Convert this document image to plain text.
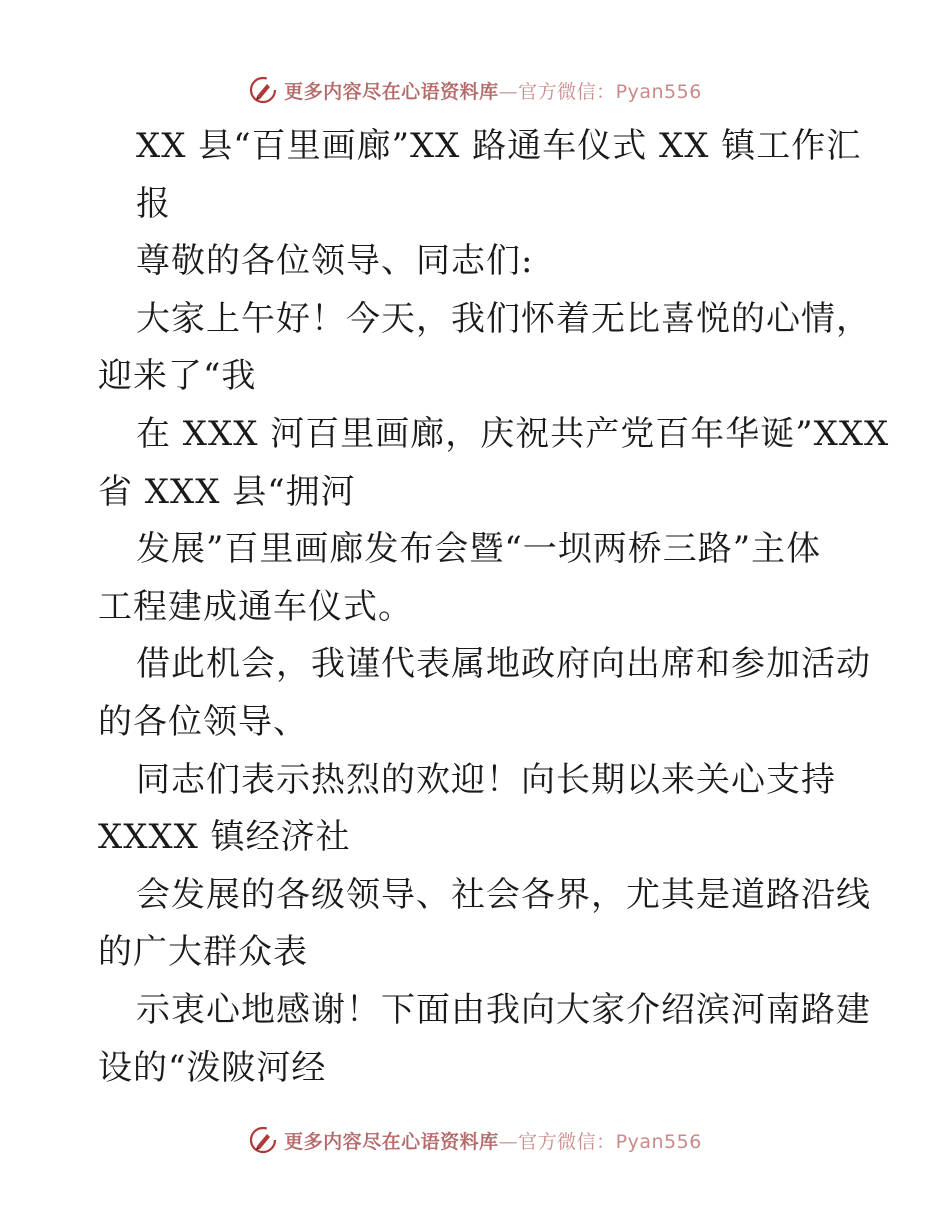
更多内容尽在心语资料库—官方微信：Pyan556
XX 县“百里画廊”XX 路通车仪式 XX 镇工作汇
报
尊敬的各位领导、同志们:
大家上午好！今天，我们怀着无比喜悦的心情，
迎来了“我
在 XXX 河百里画廊，庆祝共产党百年华诞”XXX
省 XXX 县“拥河
发展”百里画廊发布会暨“一坝两桥三路”主体
工程建成通车仪式。
借此机会，我谨代表属地政府向出席和参加活动
的各位领导、
同志们表示热烈的欢迎！向长期以来关心支持
XXXX 镇经济社
会发展的各级领导、社会各界，尤其是道路沿线
的广大群众表
示衷心地感谢！下面由我向大家介绍滨河南路建
设的“泼陂河经
更多内容尽在心语资料库—官方微信：Pyan556
